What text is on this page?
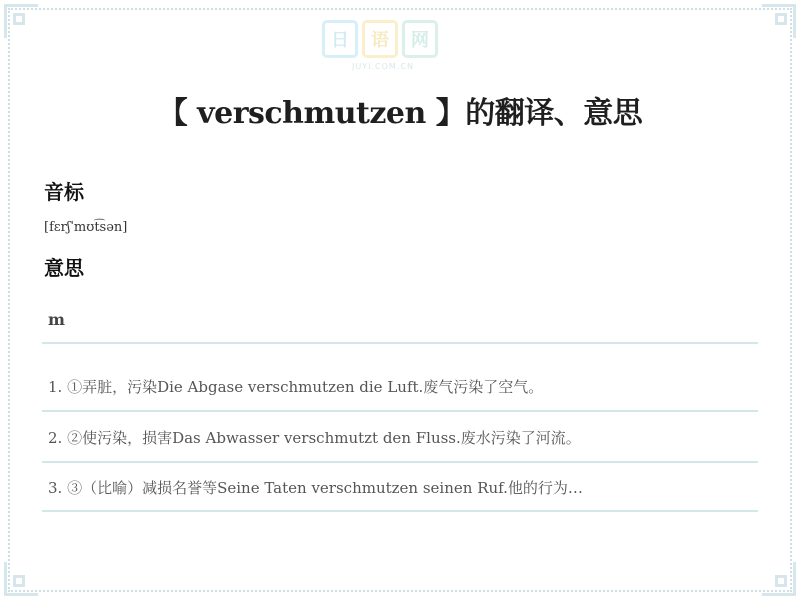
日	语	网
JUYI.COM.CN
【 verschmutzen 】的翻译、意思
音标
[fɛrʃˈmʊt͡sən]
意思
m
1. ①弄脏，污染Die Abgase verschmutzen die Luft.废气污染了空气。
2. ②使污染，损害Das Abwasser verschmutzt den Fluss.废水污染了河流。
3. ③（比喻）减损名誉等Seine Taten verschmutzen seinen Ruf.他的行为…
